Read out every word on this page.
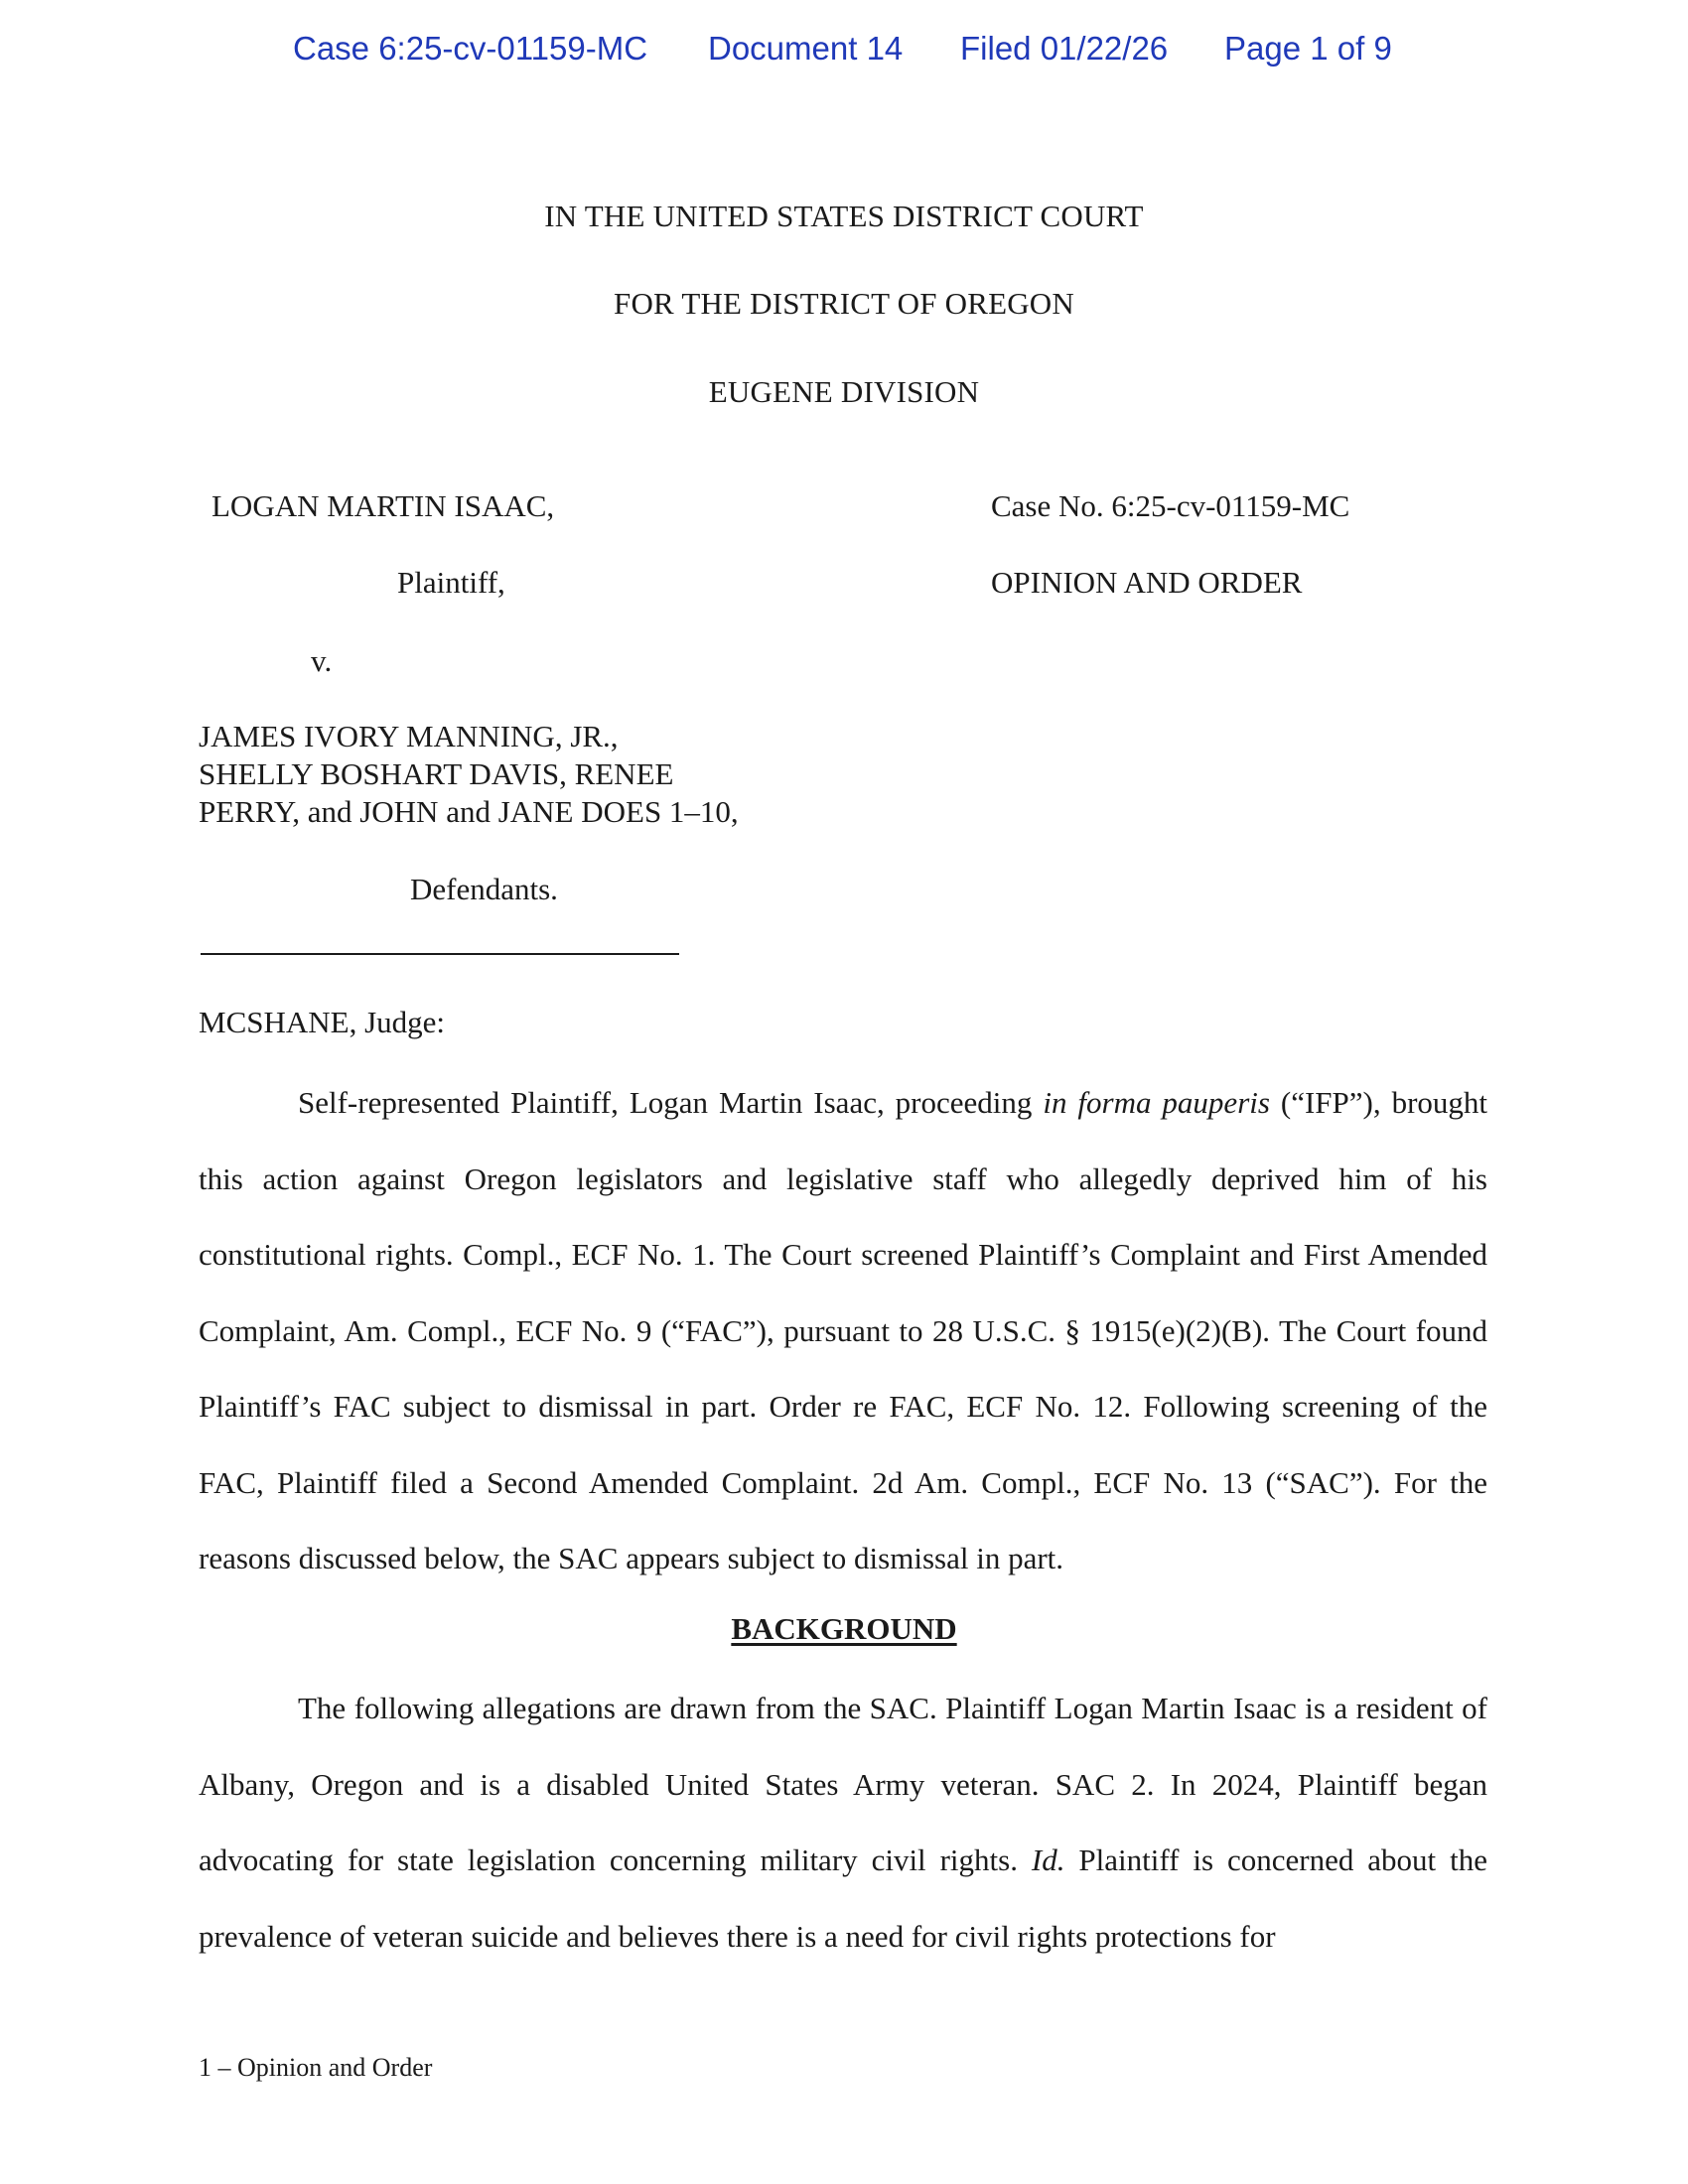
Case 6:25-cv-01159-MC Document 14 Filed 01/22/26 Page 1 of 9
IN THE UNITED STATES DISTRICT COURT
FOR THE DISTRICT OF OREGON
EUGENE DIVISION
LOGAN MARTIN ISAAC,
Plaintiff,
v.
JAMES IVORY MANNING, JR.,
SHELLY BOSHART DAVIS, RENEE
PERRY, and JOHN and JANE DOES 1–10,
Defendants.
Case No. 6:25-cv-01159-MC
OPINION AND ORDER
MCSHANE, Judge:

Self-represented Plaintiff, Logan Martin Isaac, proceeding in forma pauperis (“IFP”), brought this action against Oregon legislators and legislative staff who allegedly deprived him of his constitutional rights. Compl., ECF No. 1. The Court screened Plaintiff’s Complaint and First Amended Complaint, Am. Compl., ECF No. 9 (“FAC”), pursuant to 28 U.S.C. § 1915(e)(2)(B). The Court found Plaintiff’s FAC subject to dismissal in part. Order re FAC, ECF No. 12. Following screening of the FAC, Plaintiff filed a Second Amended Complaint. 2d Am. Compl., ECF No. 13 (“SAC”). For the reasons discussed below, the SAC appears subject to dismissal in part.

BACKGROUND

The following allegations are drawn from the SAC. Plaintiff Logan Martin Isaac is a resident of Albany, Oregon and is a disabled United States Army veteran. SAC 2. In 2024, Plaintiff began advocating for state legislation concerning military civil rights. Id. Plaintiff is concerned about the prevalence of veteran suicide and believes there is a need for civil rights protections for

1 – Opinion and Order
